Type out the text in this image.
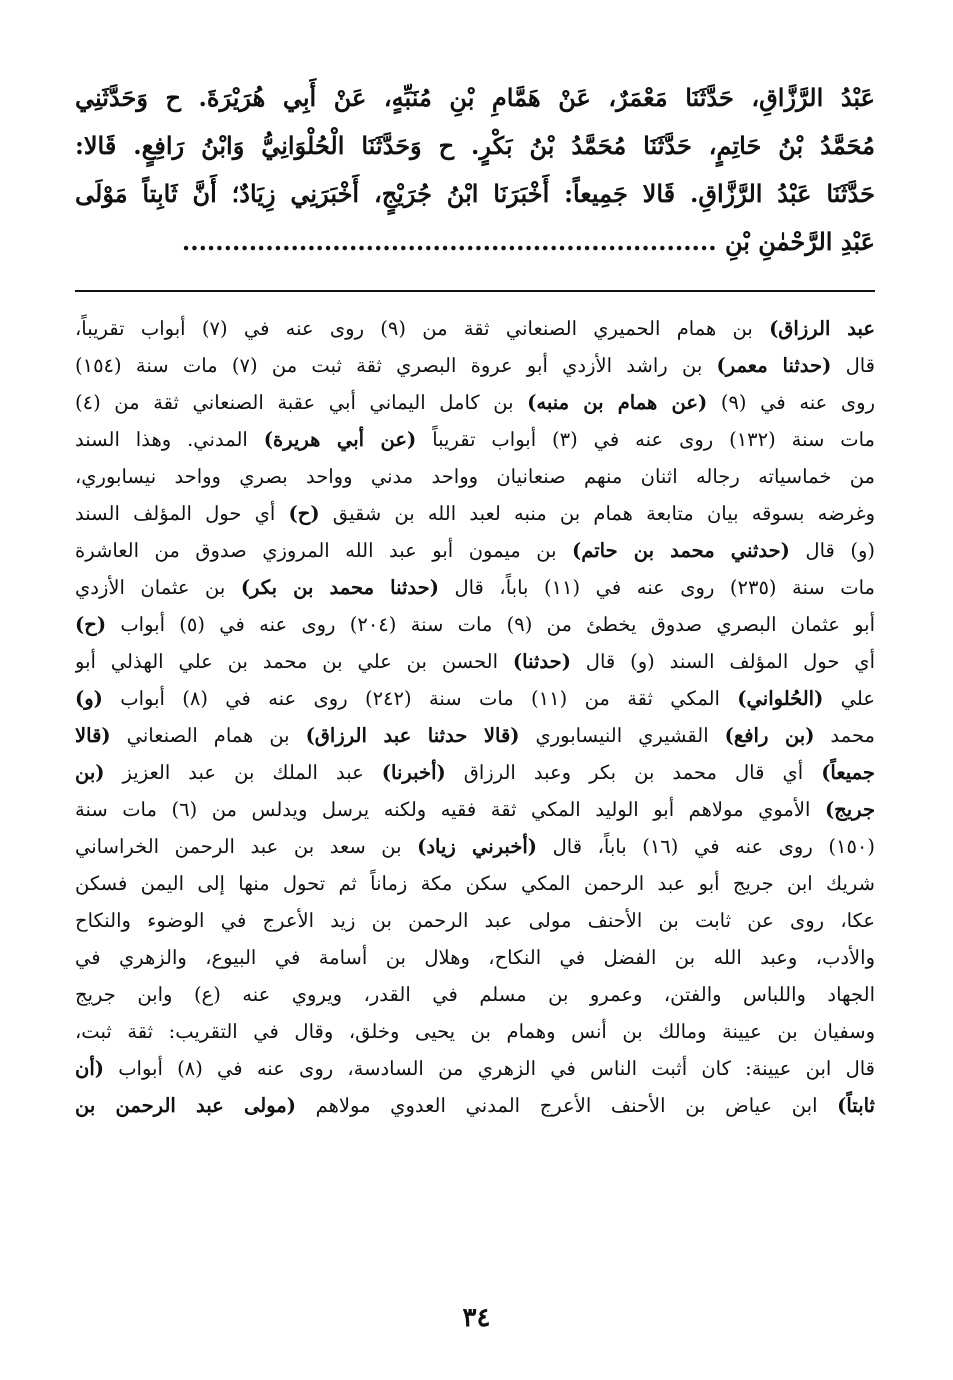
عَبْدُ الرَّزَّاقِ، حَدَّثَنَا مَعْمَرٌ، عَنْ هَمَّامِ بْنِ مُنَبِّهٍ، عَنْ أَبِي هُرَيْرَةَ. ح وَحَدَّثَنِي
مُحَمَّدُ بْنُ حَاتِمٍ، حَدَّثَنَا مُحَمَّدُ بْنُ بَكْرٍ. ح وَحَدَّثَنَا الْحُلْوَانِيُّ وَابْنُ رَافِعٍ. قَالا:
حَدَّثَنَا عَبْدُ الرَّزَّاقِ. قَالا جَمِيعاً: أَخْبَرَنَا ابْنُ جُرَيْجٍ، أَخْبَرَنِي زِيَادٌ؛ أَنَّ ثَابِتاً مَوْلَى
عَبْدِ الرَّحْمٰنِ بْنِ ................................................................
عبد الرزاق) بن همام الحميري الصنعاني ثقة من (٩) روى عنه في (٧) أبواب تقريباً،
قال (حدثنا معمر) بن راشد الأزدي أبو عروة البصري ثقة ثبت من (٧) مات سنة (١٥٤)
روى عنه في (٩) (عن همام بن منبه) بن كامل اليماني أبي عقبة الصنعاني ثقة من (٤)
مات سنة (١٣٢) روى عنه في (٣) أبواب تقريباً (عن أبي هريرة) المدني. وهذا السند
من خماسياته رجاله اثنان منهم صنعانيان وواحد مدني وواحد بصري وواحد نيسابوري،
وغرضه بسوقه بيان متابعة همام بن منبه لعبد الله بن شقيق (ح) أي حول المؤلف السند
(و) قال (حدثني محمد بن حاتم) بن ميمون أبو عبد الله المروزي صدوق من العاشرة
مات سنة (٢٣٥) روى عنه في (١١) باباً، قال (حدثنا محمد بن بكر) بن عثمان الأزدي
أبو عثمان البصري صدوق يخطئ من (٩) مات سنة (٢٠٤) روى عنه في (٥) أبواب (ح)
أي حول المؤلف السند (و) قال (حدثنا) الحسن بن علي بن محمد بن علي الهذلي أبو
علي (الحُلواني) المكي ثقة من (١١) مات سنة (٢٤٢) روى عنه في (٨) أبواب (و)
محمد (بن رافع) القشيري النيسابوري (قالا حدثنا عبد الرزاق) بن همام الصنعاني (قالا
جميعاً) أي قال محمد بن بكر وعبد الرزاق (أخبرنا) عبد الملك بن عبد العزيز (بن
جريج) الأموي مولاهم أبو الوليد المكي ثقة فقيه ولكنه يرسل ويدلس من (٦) مات سنة
(١٥٠) روى عنه في (١٦) باباً، قال (أخبرني زياد) بن سعد بن عبد الرحمن الخراساني
شريك ابن جريج أبو عبد الرحمن المكي سكن مكة زماناً ثم تحول منها إلى اليمن فسكن
عكا، روى عن ثابت بن الأحنف مولى عبد الرحمن بن زيد الأعرج في الوضوء والنكاح
والأدب، وعبد الله بن الفضل في النكاح، وهلال بن أسامة في البيوع، والزهري في
الجهاد واللباس والفتن، وعمرو بن مسلم في القدر، ويروي عنه (ع) وابن جريج
وسفيان بن عيينة ومالك بن أنس وهمام بن يحيى وخلق، وقال في التقريب: ثقة ثبت،
قال ابن عيينة: كان أثبت الناس في الزهري من السادسة، روى عنه في (٨) أبواب (أن
ثابتاً) ابن عياض بن الأحنف الأعرج المدني العدوي مولاهم (مولى عبد الرحمن بن
٣٤
